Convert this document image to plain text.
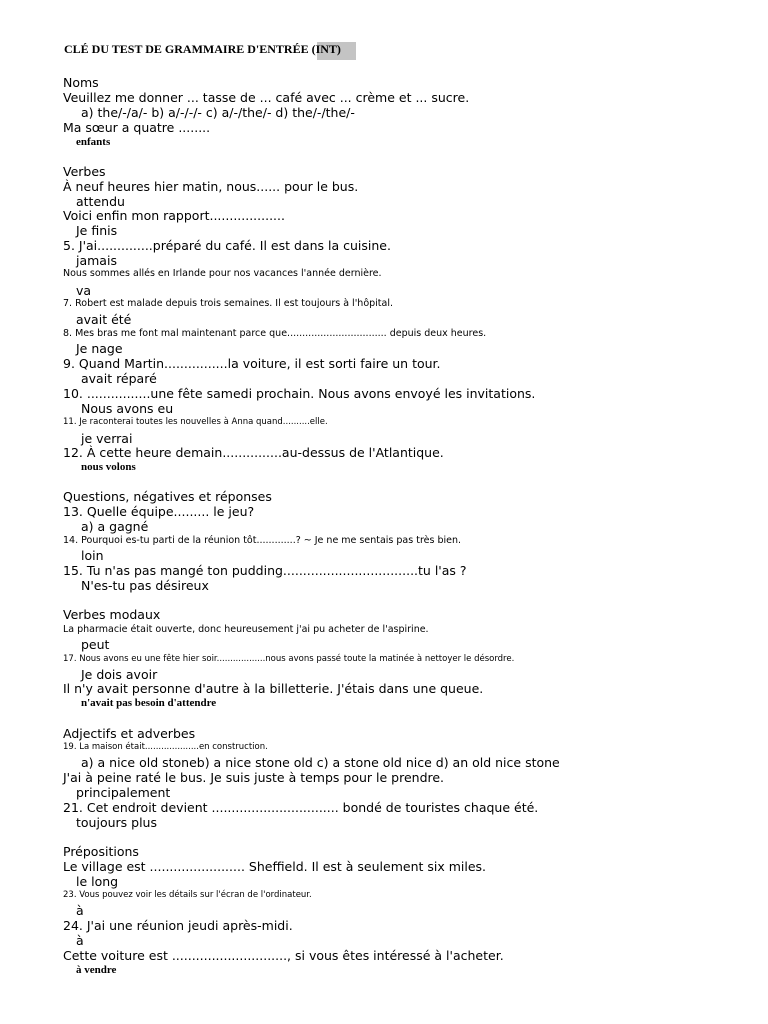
CLÉ DU TEST DE GRAMMAIRE D'ENTRÉE (INT)
Noms
Veuillez me donner ... tasse de ... café avec ... crème et ... sucre.
a) the/-/a/- b) a/-/-/- c) a/-/the/- d) the/-/the/-
Ma sœur a quatre ........
enfants
Verbes
À neuf heures hier matin, nous...... pour le bus.
attendu
Voici enfin mon rapport...................
Je finis
5. J'ai..............préparé du café. Il est dans la cuisine.
jamais
Nous sommes allés en Irlande pour nos vacances l'année dernière.
va
7. Robert est malade depuis trois semaines. Il est toujours à l'hôpital.
avait été
8. Mes bras me font mal maintenant parce que................................. depuis deux heures.
Je nage
9. Quand Martin................la voiture, il est sorti faire un tour.
avait réparé
10. ................une fête samedi prochain. Nous avons envoyé les invitations.
Nous avons eu
11. Je raconterai toutes les nouvelles à Anna quand..........elle.
je verrai
12. À cette heure demain...............au-dessus de l'Atlantique.
nous volons
Questions, négatives et réponses
13. Quelle équipe......... le jeu?
a) a gagné
14. Pourquoi es-tu parti de la réunion tôt.............? ~ Je ne me sentais pas très bien.
loin
15. Tu n'as pas mangé ton pudding..................................tu l'as ?
N'es-tu pas désireux
Verbes modaux
La pharmacie était ouverte, donc heureusement j'ai pu acheter de l'aspirine.
peut
17. Nous avons eu une fête hier soir..................nous avons passé toute la matinée à nettoyer le désordre.
Je dois avoir
Il n'y avait personne d'autre à la billetterie. J'étais dans une queue.
n'avait pas besoin d'attendre
Adjectifs et adverbes
19. La maison était....................en construction.
a) a nice old stoneb) a nice stone old c) a stone old nice d) an old nice stone
J'ai à peine raté le bus. Je suis juste à temps pour le prendre.
principalement
21. Cet endroit devient ................................ bondé de touristes chaque été.
toujours plus
Prépositions
Le village est ........................ Sheffield. Il est à seulement six miles.
le long
23. Vous pouvez voir les détails sur l'écran de l'ordinateur.
à
24. J'ai une réunion jeudi après-midi.
à
Cette voiture est ............................., si vous êtes intéressé à l'acheter.
à vendre
